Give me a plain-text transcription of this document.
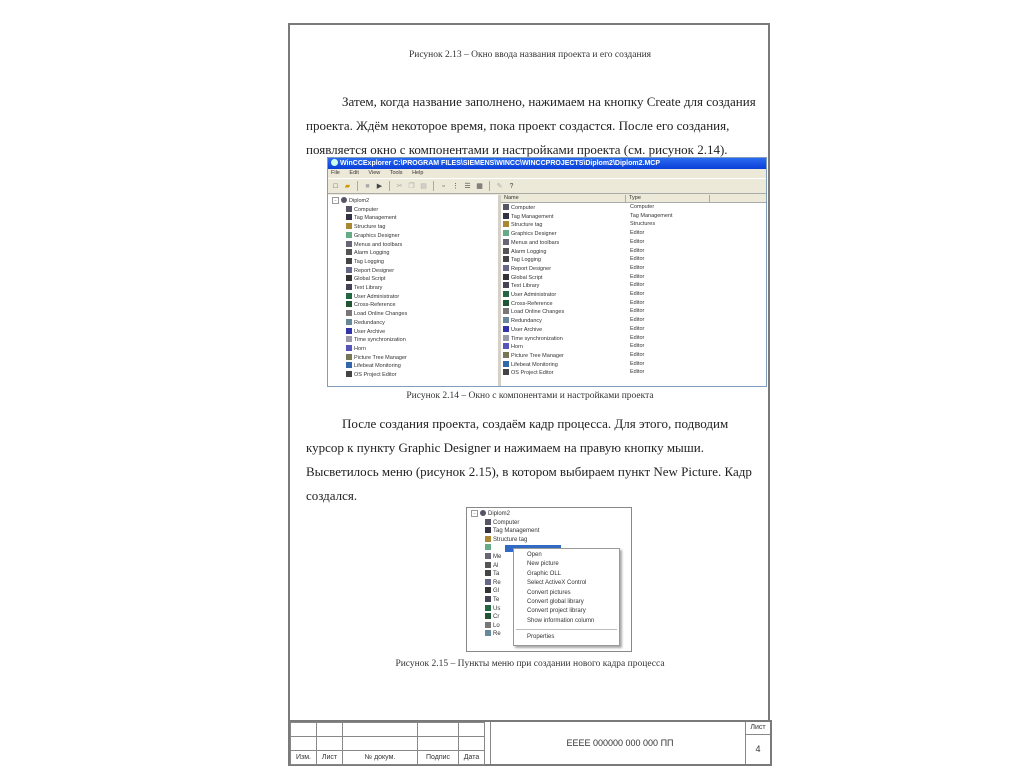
Рисунок 2.13 – Окно ввода названия проекта и его создания
Затем, когда название заполнено, нажимаем на кнопку Create для создания
проекта. Ждём некоторое время, пока проект создастся. После его создания,
появляется окно с компонентами и настройками проекта (см. рисунок 2.14).
WinCCExplorer C:\PROGRAM FILES\SIEMENS\WINCC\WINCCPROJECTS\Diplom2\Diplom2.MCP
File Edit View Tools Help
□	▰	■	▶ ✂ ❐ ▤	▫	⋮ ☰ ▦ ✎	?
− Diplom2
Computer
Tag Management
Structure tag
Graphics Designer
Menus and toolbars
Alarm Logging
Tag Logging
Report Designer
Global Script
Text Library
User Administrator
Cross-Reference
Load Online Changes
Redundancy
User Archive
Time synchronization
Horn
Picture Tree Manager
Lifebeat Monitoring
OS Project Editor
Name	Type
Computer	Computer
Tag Management	Tag Management
Structure tag	Structures
Graphics Designer	Editor
Menus and toolbars	Editor
Alarm Logging	Editor
Tag Logging	Editor
Report Designer	Editor
Global Script	Editor
Text Library	Editor
User Administrator	Editor
Cross-Reference	Editor
Load Online Changes	Editor
Redundancy	Editor
User Archive	Editor
Time synchronization	Editor
Horn	Editor
Picture Tree Manager	Editor
Lifebeat Monitoring	Editor
OS Project Editor	Editor
Рисунок 2.14 – Окно с компонентами и настройками проекта
После создания проекта, создаём кадр процесса. Для этого, подводим
курсор к пункту Graphic Designer и нажимаем на правую кнопку мыши.
Высветилось меню (рисунок 2.15), в котором выбираем пункт New Picture. Кадр
создался.
− Diplom2
Computer
Tag Management
Structure tag
Me
Al
Ta
Re
Gl
Te
Us
Cr
Lo
Re
Open
New picture
Graphic OLL
Select ActiveX Control
Convert pictures
Convert global library
Convert project library
Show information column
Properties
Рисунок 2.15 – Пункты меню при создании нового кадра процесса

Изм.	Лист	№ докум.	Подпис	Дата
ЕЕЕЕ 000000 000 000 ПП
Лист
4
